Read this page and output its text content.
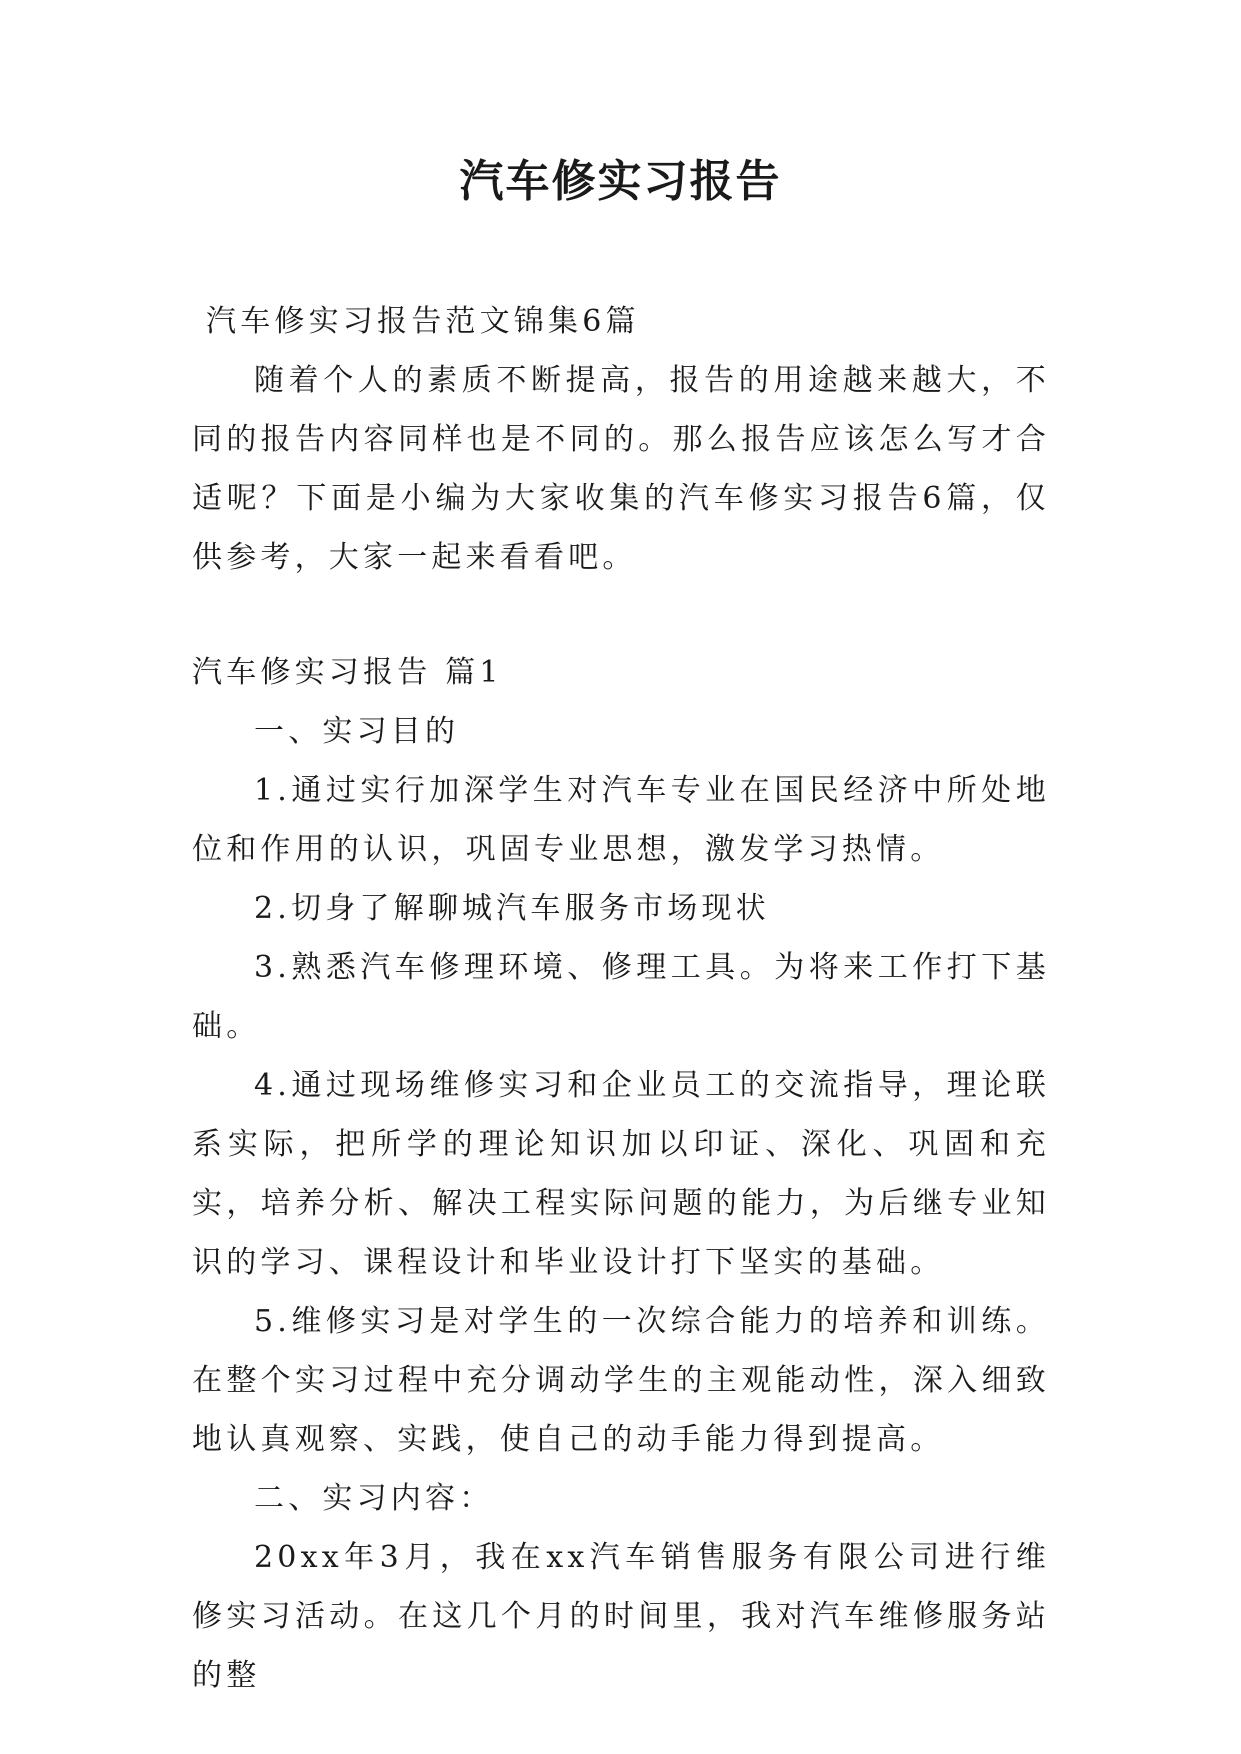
汽车修实习报告

汽车修实习报告范文锦集6篇

随着个人的素质不断提高，报告的用途越来越大，不同的报告内容同样也是不同的。那么报告应该怎么写才合适呢？下面是小编为大家收集的汽车修实习报告6篇，仅供参考，大家一起来看看吧。

汽车修实习报告 篇1

一、实习目的

1.通过实行加深学生对汽车专业在国民经济中所处地位和作用的认识，巩固专业思想，激发学习热情。

2.切身了解聊城汽车服务市场现状

3.熟悉汽车修理环境、修理工具。为将来工作打下基础。

4.通过现场维修实习和企业员工的交流指导，理论联系实际，把所学的理论知识加以印证、深化、巩固和充实，培养分析、解决工程实际问题的能力，为后继专业知识的学习、课程设计和毕业设计打下坚实的基础。

5.维修实习是对学生的一次综合能力的培养和训练。在整个实习过程中充分调动学生的主观能动性，深入细致地认真观察、实践，使自己的动手能力得到提高。

二、实习内容：

20xx年3月，我在xx汽车销售服务有限公司进行维修实习活动。在这几个月的时间里，我对汽车维修服务站的整
